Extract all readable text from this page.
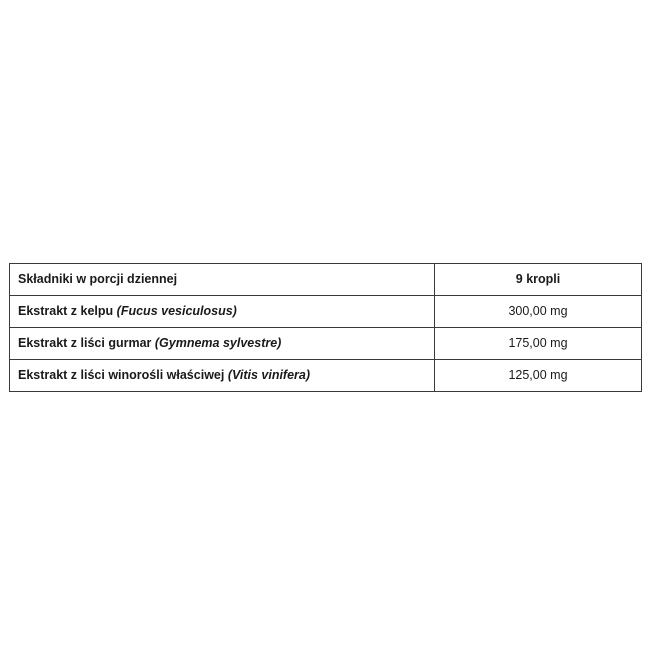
Składniki w porcji dziennej	9 kropli
Ekstrakt z kelpu (Fucus vesiculosus)	300,00 mg
Ekstrakt z liści gurmar (Gymnema sylvestre)	175,00 mg
Ekstrakt z liści winorośli właściwej (Vitis vinifera)	125,00 mg
